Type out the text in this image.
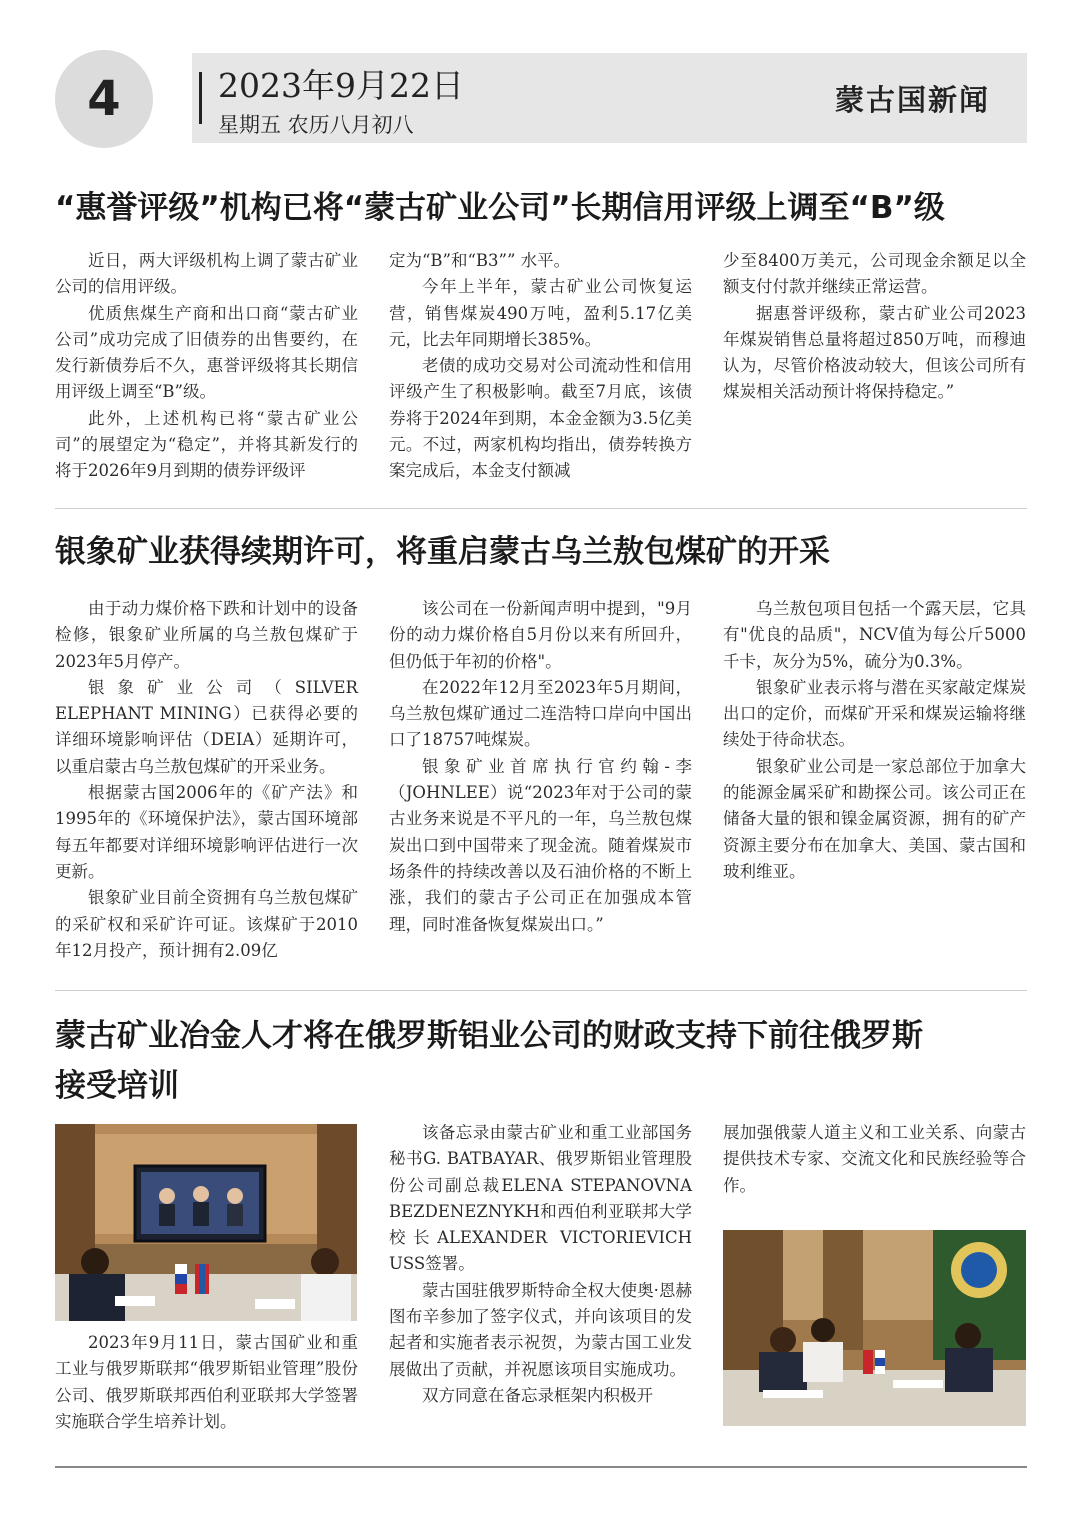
4	2023年9月22日
星期五 农历八月初八
蒙古国新闻
“惠誉评级”机构已将“蒙古矿业公司”长期信用评级上调至“B”级

近日，两大评级机构上调了蒙古矿业公司的信用评级。

优质焦煤生产商和出口商“蒙古矿业公司”成功完成了旧债券的出售要约，在发行新债券后不久，惠誉评级将其长期信用评级上调至“B”级。

此外，上述机构已将“蒙古矿业公司”的展望定为“稳定”，并将其新发行的将于2026年9月到期的债券评级评

定为“B”和“B3”” 水平。

今年上半年，蒙古矿业公司恢复运营，销售煤炭490万吨，盈利5.17亿美元，比去年同期增长385%。

老债的成功交易对公司流动性和信用评级产生了积极影响。截至7月底，该债券将于2024年到期，本金金额为3.5亿美元。不过，两家机构均指出，债券转换方案完成后，本金支付额减

少至8400万美元，公司现金余额足以全额支付付款并继续正常运营。

据惠誉评级称，蒙古矿业公司2023年煤炭销售总量将超过850万吨，而穆迪认为，尽管价格波动较大，但该公司所有煤炭相关活动预计将保持稳定。”

银象矿业获得续期许可，将重启蒙古乌兰敖包煤矿的开采

由于动力煤价格下跌和计划中的设备检修，银象矿业所属的乌兰敖包煤矿于2023年5月停产。

银象矿业公司（SILVER ELEPHANT MINING）已获得必要的详细环境影响评估（DEIA）延期许可，以重启蒙古乌兰敖包煤矿的开采业务。

根据蒙古国2006年的《矿产法》和1995年的《环境保护法》，蒙古国环境部每五年都要对详细环境影响评估进行一次更新。

银象矿业目前全资拥有乌兰敖包煤矿的采矿权和采矿许可证。该煤矿于2010年12月投产，预计拥有2.09亿

该公司在一份新闻声明中提到，"9月份的动力煤价格自5月份以来有所回升，但仍低于年初的价格"。

在2022年12月至2023年5月期间，乌兰敖包煤矿通过二连浩特口岸向中国出口了18757吨煤炭。

银象矿业首席执行官约翰-李（JOHNLEE）说“2023年对于公司的蒙古业务来说是不平凡的一年，乌兰敖包煤炭出口到中国带来了现金流。随着煤炭市场条件的持续改善以及石油价格的不断上涨，我们的蒙古子公司正在加强成本管理，同时准备恢复煤炭出口。”

乌兰敖包项目包括一个露天层，它具有"优良的品质"，NCV值为每公斤5000千卡，灰分为5%，硫分为0.3%。

银象矿业表示将与潜在买家敲定煤炭出口的定价，而煤矿开采和煤炭运输将继续处于待命状态。

银象矿业公司是一家总部位于加拿大的能源金属采矿和勘探公司。该公司正在储备大量的银和镍金属资源，拥有的矿产资源主要分布在加拿大、美国、蒙古国和玻利维亚。

蒙古矿业冶金人才将在俄罗斯铝业公司的财政支持下前往俄罗斯
接受培训

2023年9月11日，蒙古国矿业和重工业与俄罗斯联邦“俄罗斯铝业管理”股份公司、俄罗斯联邦西伯利亚联邦大学签署实施联合学生培养计划。

该备忘录由蒙古矿业和重工业部国务秘书G. BATBAYAR、俄罗斯铝业管理股份公司副总裁ELENA STEPANOVNA BEZDENEZNYKH和西伯利亚联邦大学校长ALEXANDER VICTORIEVICH USS签署。

蒙古国驻俄罗斯特命全权大使奥·恩赫图布辛参加了签字仪式，并向该项目的发起者和实施者表示祝贺，为蒙古国工业发展做出了贡献，并祝愿该项目实施成功。

双方同意在备忘录框架内积极开

展加强俄蒙人道主义和工业关系、向蒙古提供技术专家、交流文化和民族经验等合作。
